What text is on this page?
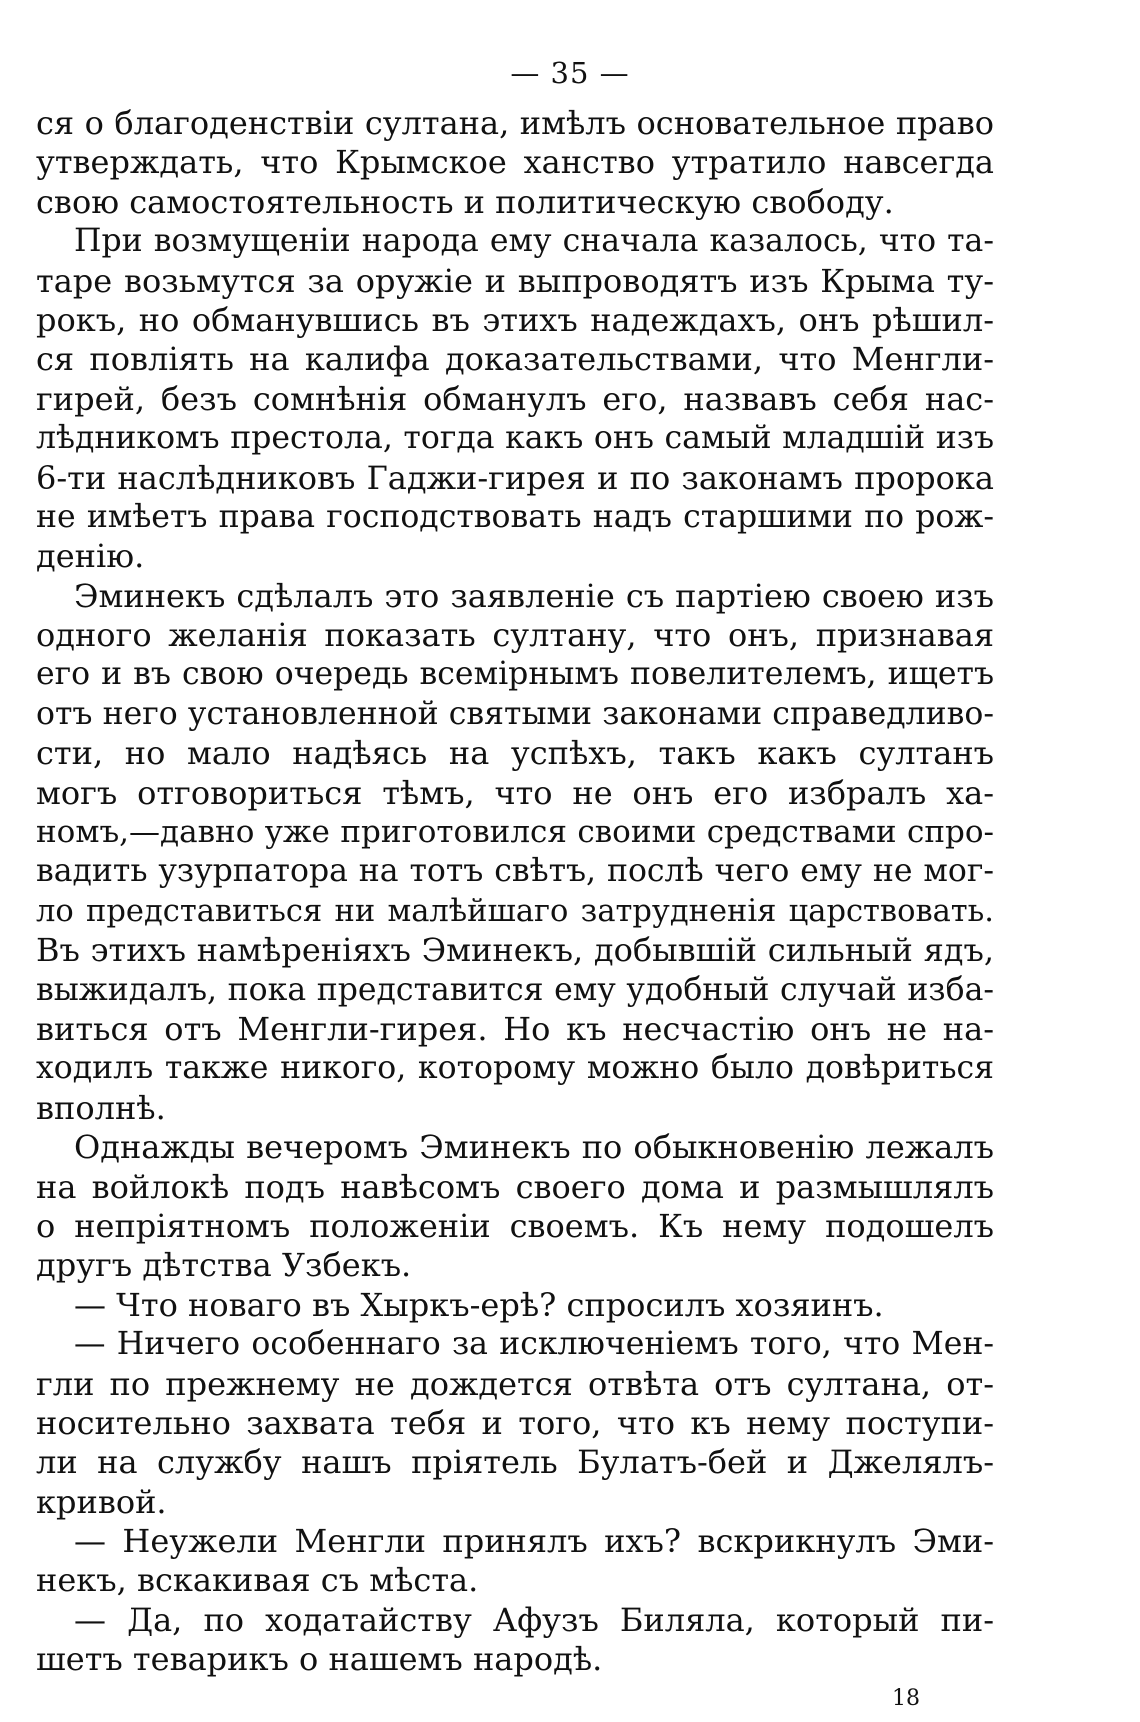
— 35 —
ся о благоденствіи султана, имѣлъ основательное право
утверждать, что Крымское ханство утратило навсегда
свою самостоятельность и политическую свободу.
При возмущеніи народа ему сначала казалось, что та-
таре возьмутся за оружіе и выпроводятъ изъ Крыма ту-
рокъ, но обманувшись въ этихъ надеждахъ, онъ рѣшил-
ся повліять на калифа доказательствами, что Менгли-
гирей, безъ сомнѣнія обманулъ его, назвавъ себя нас-
лѣдникомъ престола, тогда какъ онъ самый младшій изъ
6-ти наслѣдниковъ Гаджи-гирея и по законамъ пророка
не имѣетъ права господствовать надъ старшими по рож-
денію.
Эминекъ сдѣлалъ это заявленіе съ партіею своею изъ
одного желанія показать султану, что онъ, признавая
его и въ свою очередь всемірнымъ повелителемъ, ищетъ
отъ него установленной святыми законами справедливо-
сти, но мало надѣясь на успѣхъ, такъ какъ султанъ
могъ отговориться тѣмъ, что не онъ его избралъ ха-
номъ,—давно уже приготовился своими средствами спро-
вадить узурпатора на тотъ свѣтъ, послѣ чего ему не мог-
ло представиться ни малѣйшаго затрудненія царствовать.
Въ этихъ намѣреніяхъ Эминекъ, добывшій сильный ядъ,
выжидалъ, пока представится ему удобный случай изба-
виться отъ Менгли-гирея. Но къ несчастію онъ не на-
ходилъ также никого, которому можно было довѣриться
вполнѣ.
Однажды вечеромъ Эминекъ по обыкновенію лежалъ
на войлокѣ подъ навѣсомъ своего дома и размышлялъ
о непріятномъ положеніи своемъ. Къ нему подошелъ
другъ дѣтства Узбекъ.
— Что новаго въ Хыркъ-ерѣ? спросилъ хозяинъ.
— Ничего особеннаго за исключеніемъ того, что Мен-
гли по прежнему не дождется отвѣта отъ султана, от-
носительно захвата тебя и того, что къ нему поступи-
ли на службу нашъ пріятель Булатъ-бей и Джелялъ-
кривой.
— Неужели Менгли принялъ ихъ? вскрикнулъ Эми-
некъ, вскакивая съ мѣста.
— Да, по ходатайству Афузъ Биляла, который пи-
шетъ теварикъ о нашемъ народѣ.
18
